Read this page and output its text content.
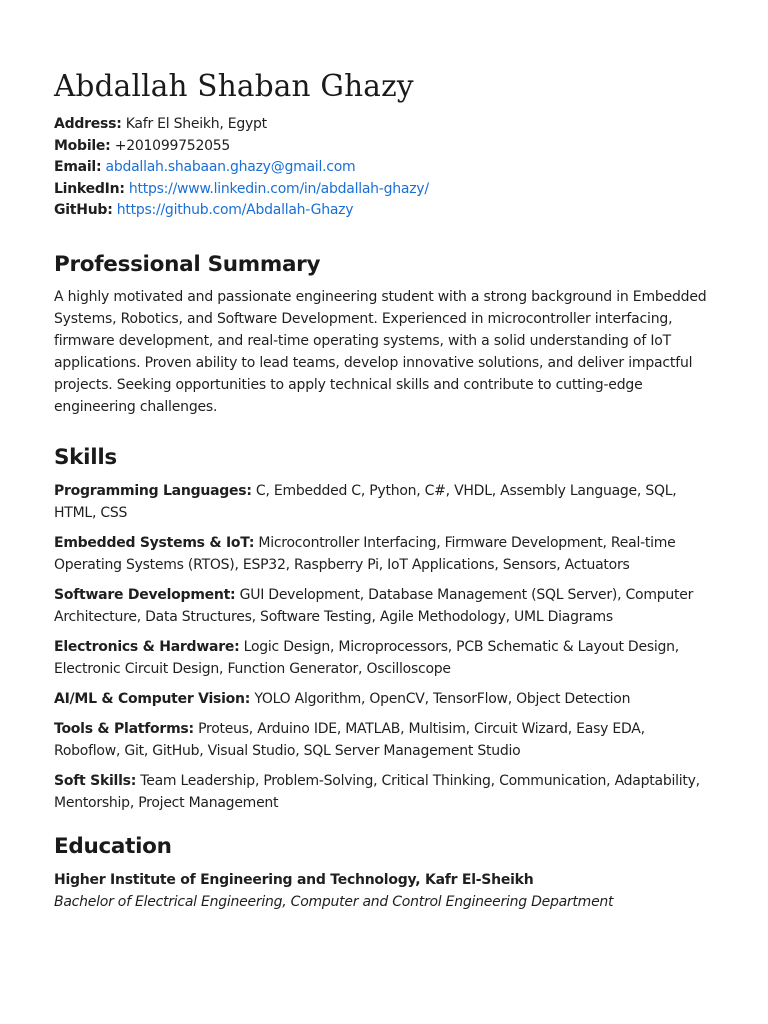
Abdallah Shaban Ghazy
Address: Kafr El Sheikh, Egypt
Mobile: +201099752055
Email: abdallah.shabaan.ghazy@gmail.com
LinkedIn: https://www.linkedin.com/in/abdallah-ghazy/
GitHub: https://github.com/Abdallah-Ghazy
Professional Summary
A highly motivated and passionate engineering student with a strong background in Embedded Systems, Robotics, and Software Development. Experienced in microcontroller interfacing, firmware development, and real-time operating systems, with a solid understanding of IoT applications. Proven ability to lead teams, develop innovative solutions, and deliver impactful projects. Seeking opportunities to apply technical skills and contribute to cutting-edge engineering challenges.
Skills
Programming Languages: C, Embedded C, Python, C#, VHDL, Assembly Language, SQL, HTML, CSS
Embedded Systems & IoT: Microcontroller Interfacing, Firmware Development, Real-time Operating Systems (RTOS), ESP32, Raspberry Pi, IoT Applications, Sensors, Actuators
Software Development: GUI Development, Database Management (SQL Server), Computer Architecture, Data Structures, Software Testing, Agile Methodology, UML Diagrams
Electronics & Hardware: Logic Design, Microprocessors, PCB Schematic & Layout Design, Electronic Circuit Design, Function Generator, Oscilloscope
AI/ML & Computer Vision: YOLO Algorithm, OpenCV, TensorFlow, Object Detection
Tools & Platforms: Proteus, Arduino IDE, MATLAB, Multisim, Circuit Wizard, Easy EDA, Roboflow, Git, GitHub, Visual Studio, SQL Server Management Studio
Soft Skills: Team Leadership, Problem-Solving, Critical Thinking, Communication, Adaptability, Mentorship, Project Management
Education
Higher Institute of Engineering and Technology, Kafr El-Sheikh
Bachelor of Electrical Engineering, Computer and Control Engineering Department
